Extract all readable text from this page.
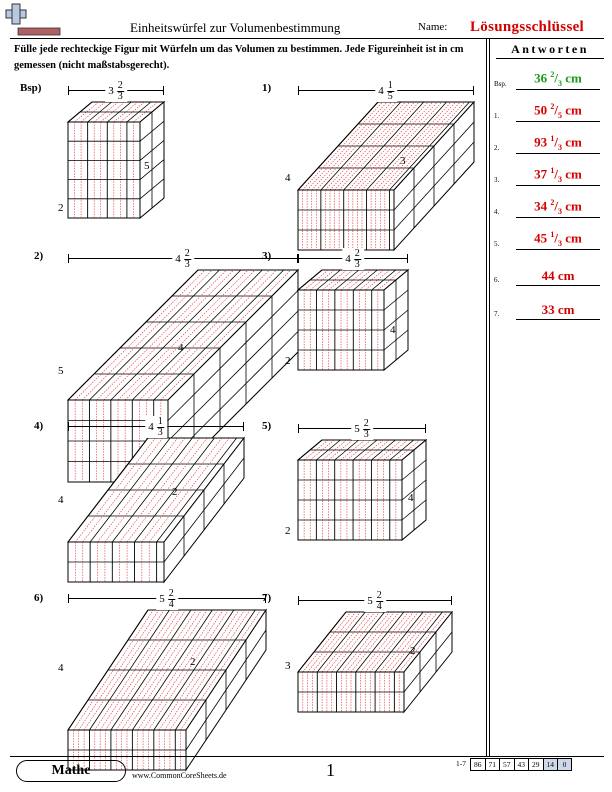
Einheitswürfel zur Volumenbestimmung	Name: Lösungsschlüssel
Fülle jede rechteckige Figur mit Würfeln um das Volumen zu bestimmen. Jede Figureinheit ist in cm gemessen (nicht maßstabsgerecht).
Antworten
Bsp.	36 $^2/_3$ cm
1.	50 $^2/_5$ cm
2.	93 $^1/_3$ cm
3.	37 $^1/_3$ cm
4.	34 $^2/_3$ cm
5.	45 $^1/_3$ cm
6.	44 cm
7.	33 cm
Bsp)	$3 \frac{2}{3}$
5
2
1)	$4 \frac{1}{5}$
3
4
2)	$4 \frac{2}{3}$
4
5
3)	$4 \frac{2}{3}$
4
2
4)	$4 \frac{1}{3}$
2
4
5)	$5 \frac{2}{3}$
4
2
6)	$5 \frac{2}{4}$
2
4
7)	$5 \frac{2}{4}$
2
3
Mathe	www.CommonCoreSheets.de	1	1-7	86 71 57 43 29 14	0
